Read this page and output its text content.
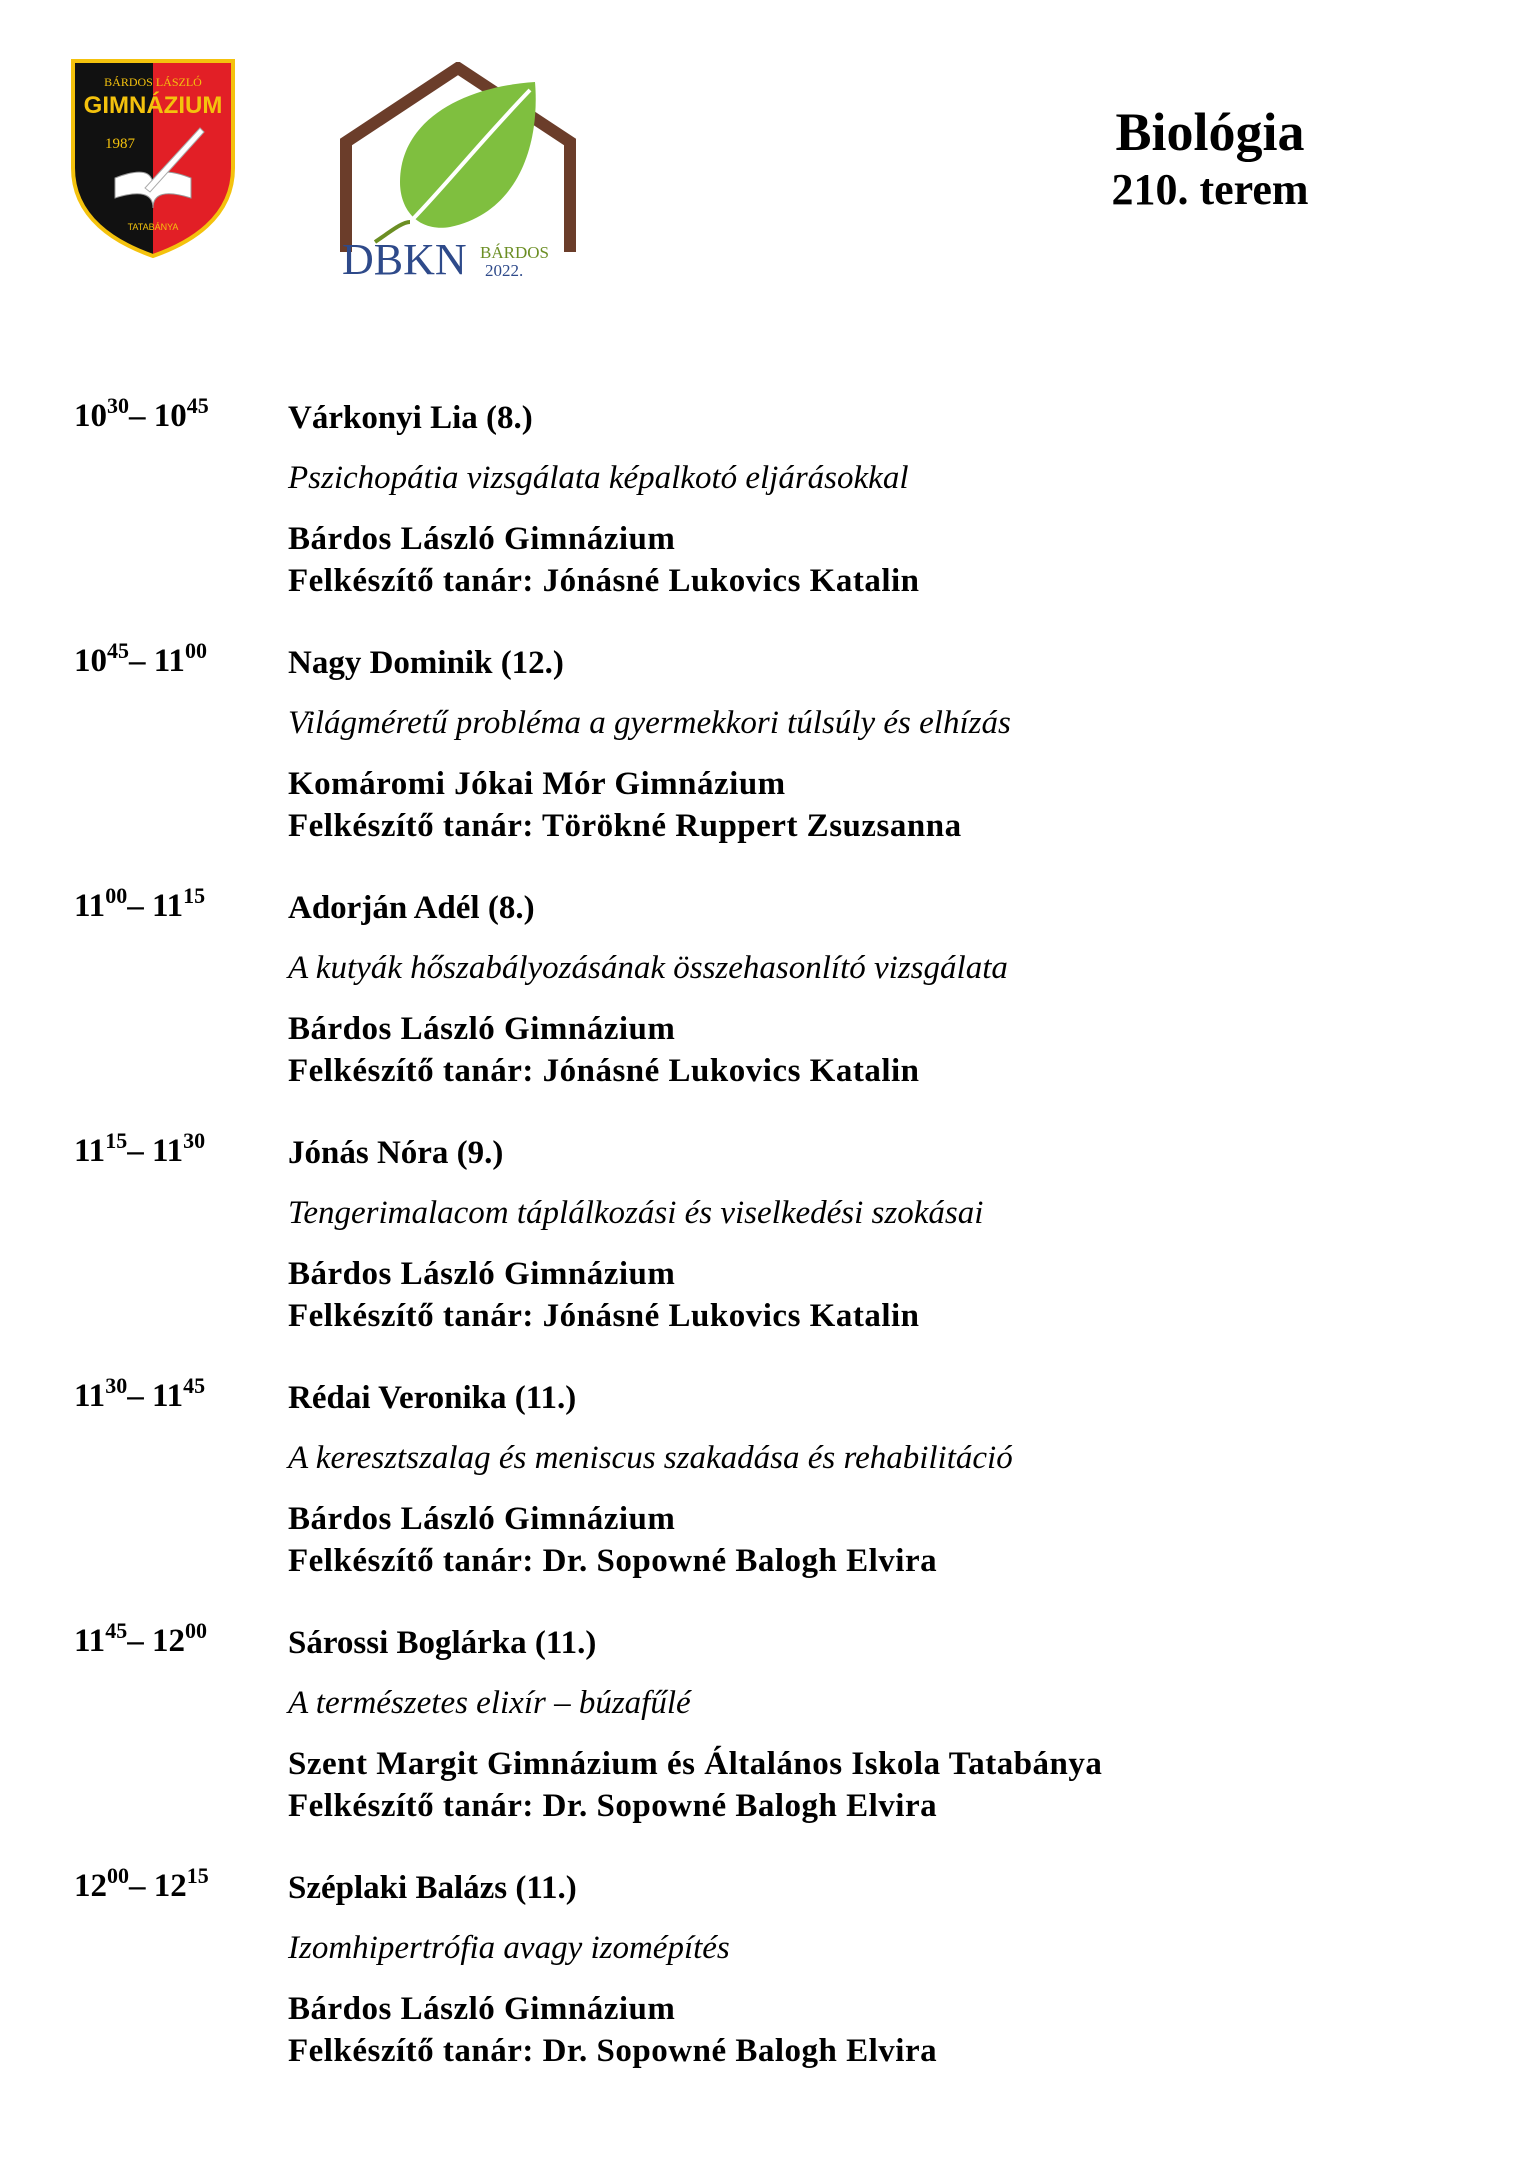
BÁRDOS LÁSZLÓ
GIMNÁZIUM
1987
TATABÁNYA
DBKN BÁRDOS
2022.
Biológia
210. terem
$10^{30}-$ $10^{45}$ Várkonyi Lia (8.)
Pszichopátia vizsgálata képalkotó eljárásokkal
Bárdos László Gimnázium
Felkészítő tanár: Jónásné Lukovics Katalin
$10^{45}-$ $11^{00}$ Nagy Dominik (12.)
Világméretű probléma a gyermekkori túlsúly és elhízás
Komáromi Jókai Mór Gimnázium
Felkészítő tanár: Törökné Ruppert Zsuzsanna
$11^{00}-$ $11^{15}$	Adorján Adél (8.)
A kutyák hőszabályozásának összehasonlító vizsgálata
Bárdos László Gimnázium
Felkészítő tanár: Jónásné Lukovics Katalin
$11^{15}-$ $11^{30}$	Jónás Nóra (9.)
Tengerimalacom táplálkozási és viselkedési szokásai
Bárdos László Gimnázium
Felkészítő tanár: Jónásné Lukovics Katalin
$11^{30}-$ $11^{45}$	Rédai Veronika (11.)
A keresztszalag és meniscus szakadása és rehabilitáció
Bárdos László Gimnázium
Felkészítő tanár: Dr. Sopowné Balogh Elvira
$11^{45}-$ $12^{00}$ Sárossi Boglárka (11.)
A természetes elixír – búzafűlé
Szent Margit Gimnázium és Általános Iskola Tatabánya
Felkészítő tanár: Dr. Sopowné Balogh Elvira
$12^{00}-$ $12^{15}$ Széplaki Balázs (11.)
Izomhipertrófia avagy izomépítés
Bárdos László Gimnázium
Felkészítő tanár: Dr. Sopowné Balogh Elvira
